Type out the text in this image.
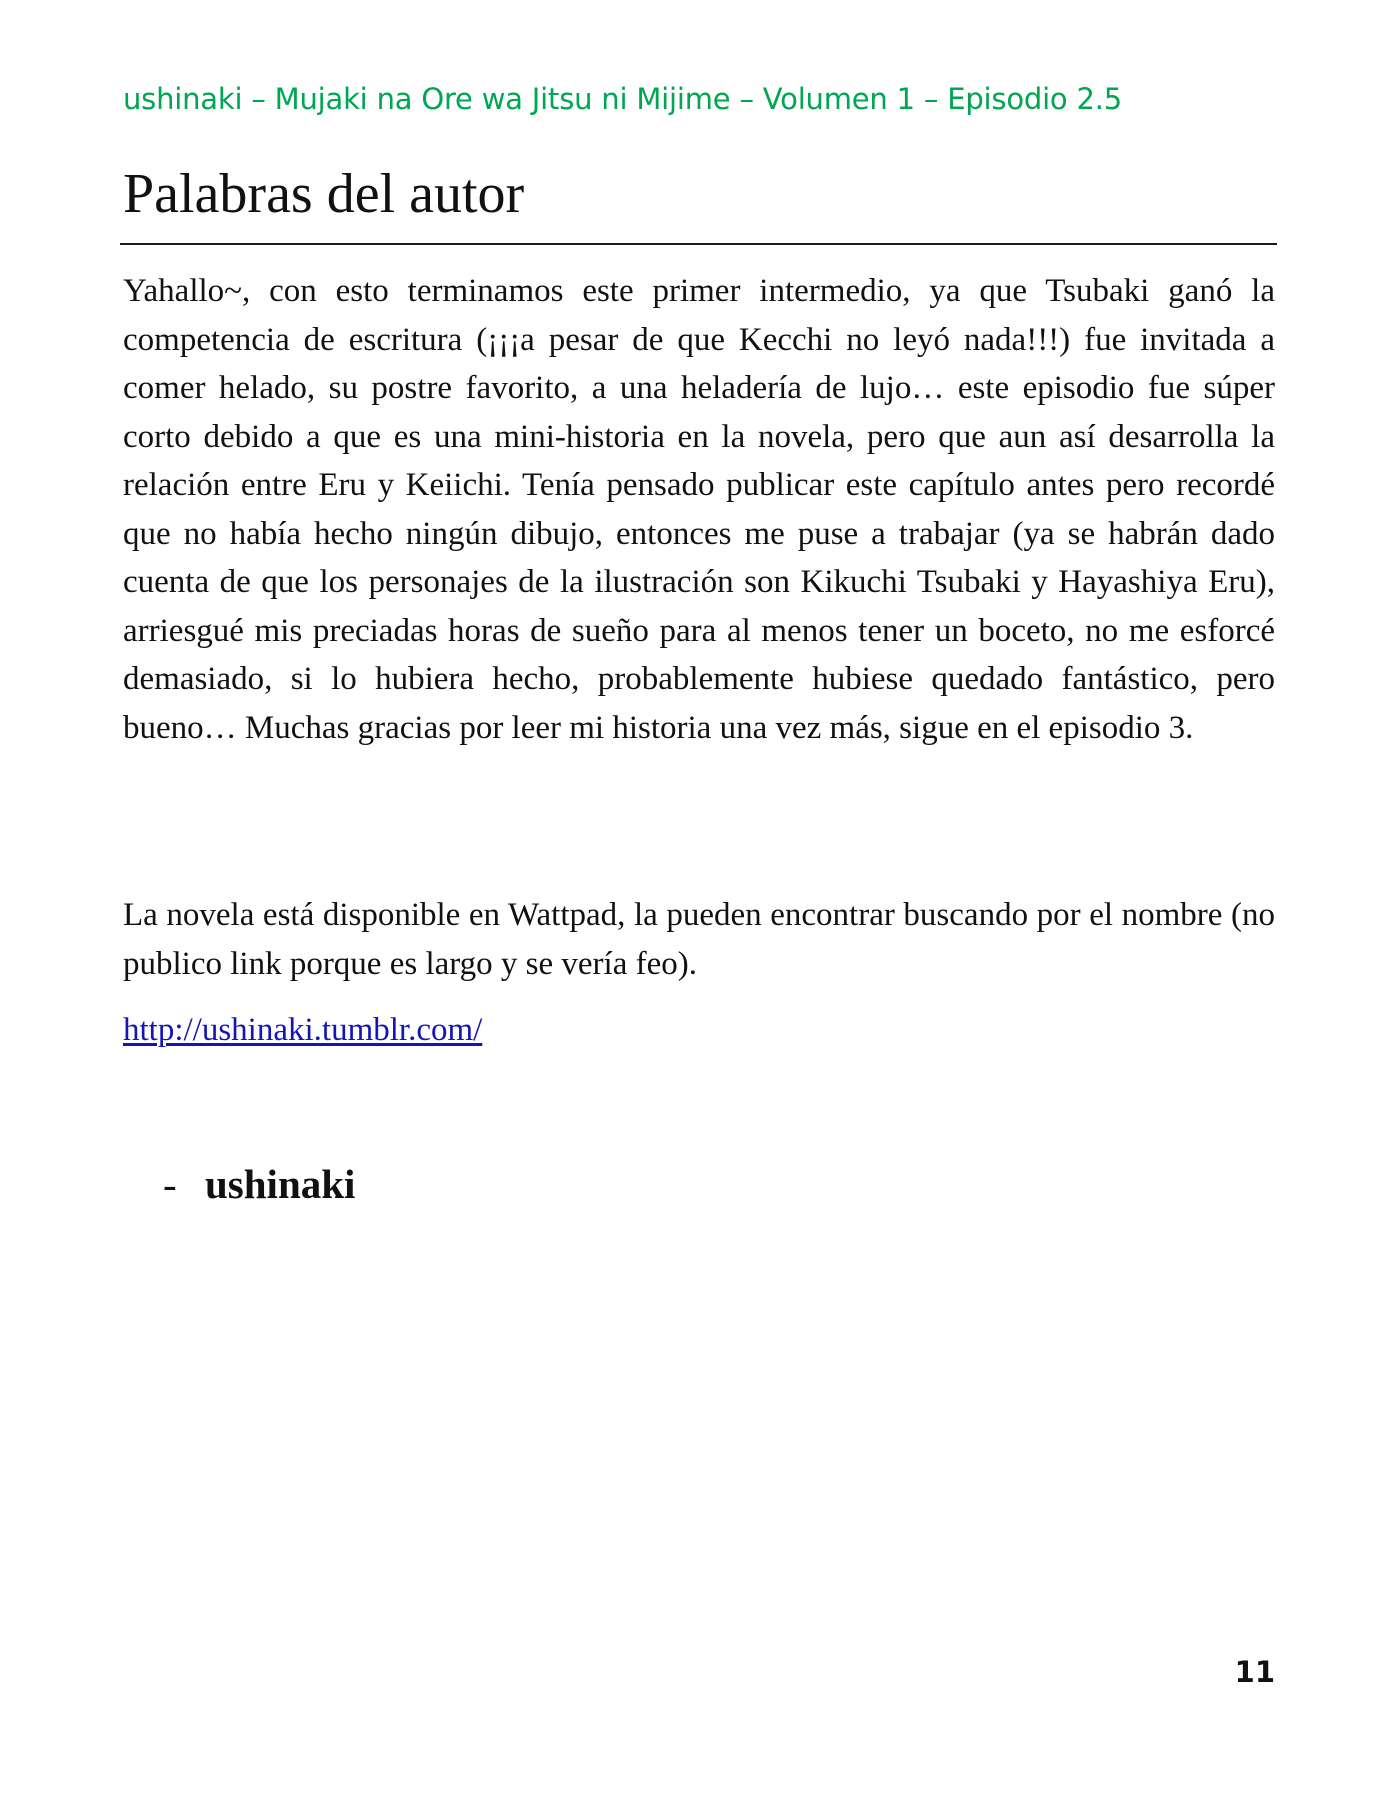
ushinaki – Mujaki na Ore wa Jitsu ni Mijime – Volumen 1 – Episodio 2.5
Palabras del autor

Yahallo~, con esto terminamos este primer intermedio, ya que Tsubaki ganó la competencia de escritura (¡¡¡a pesar de que Kecchi no leyó nada!!!) fue invitada a comer helado, su postre favorito, a una heladería de lujo… este episodio fue súper corto debido a que es una mini-historia en la novela, pero que aun así desarrolla la relación entre Eru y Keiichi. Tenía pensado publicar este capítulo antes pero recordé que no había hecho ningún dibujo, entonces me puse a trabajar (ya se habrán dado cuenta de que los personajes de la ilustración son Kikuchi Tsubaki y Hayashiya Eru), arriesgué mis preciadas horas de sueño para al menos tener un boceto, no me esforcé demasiado, si lo hubiera hecho, probablemente hubiese quedado fantástico, pero bueno… Muchas gracias por leer mi historia una vez más, sigue en el episodio 3.

La novela está disponible en Wattpad, la pueden encontrar buscando por el nombre (no publico link porque es largo y se vería feo).

http://ushinaki.tumblr.com/
- ushinaki
11
